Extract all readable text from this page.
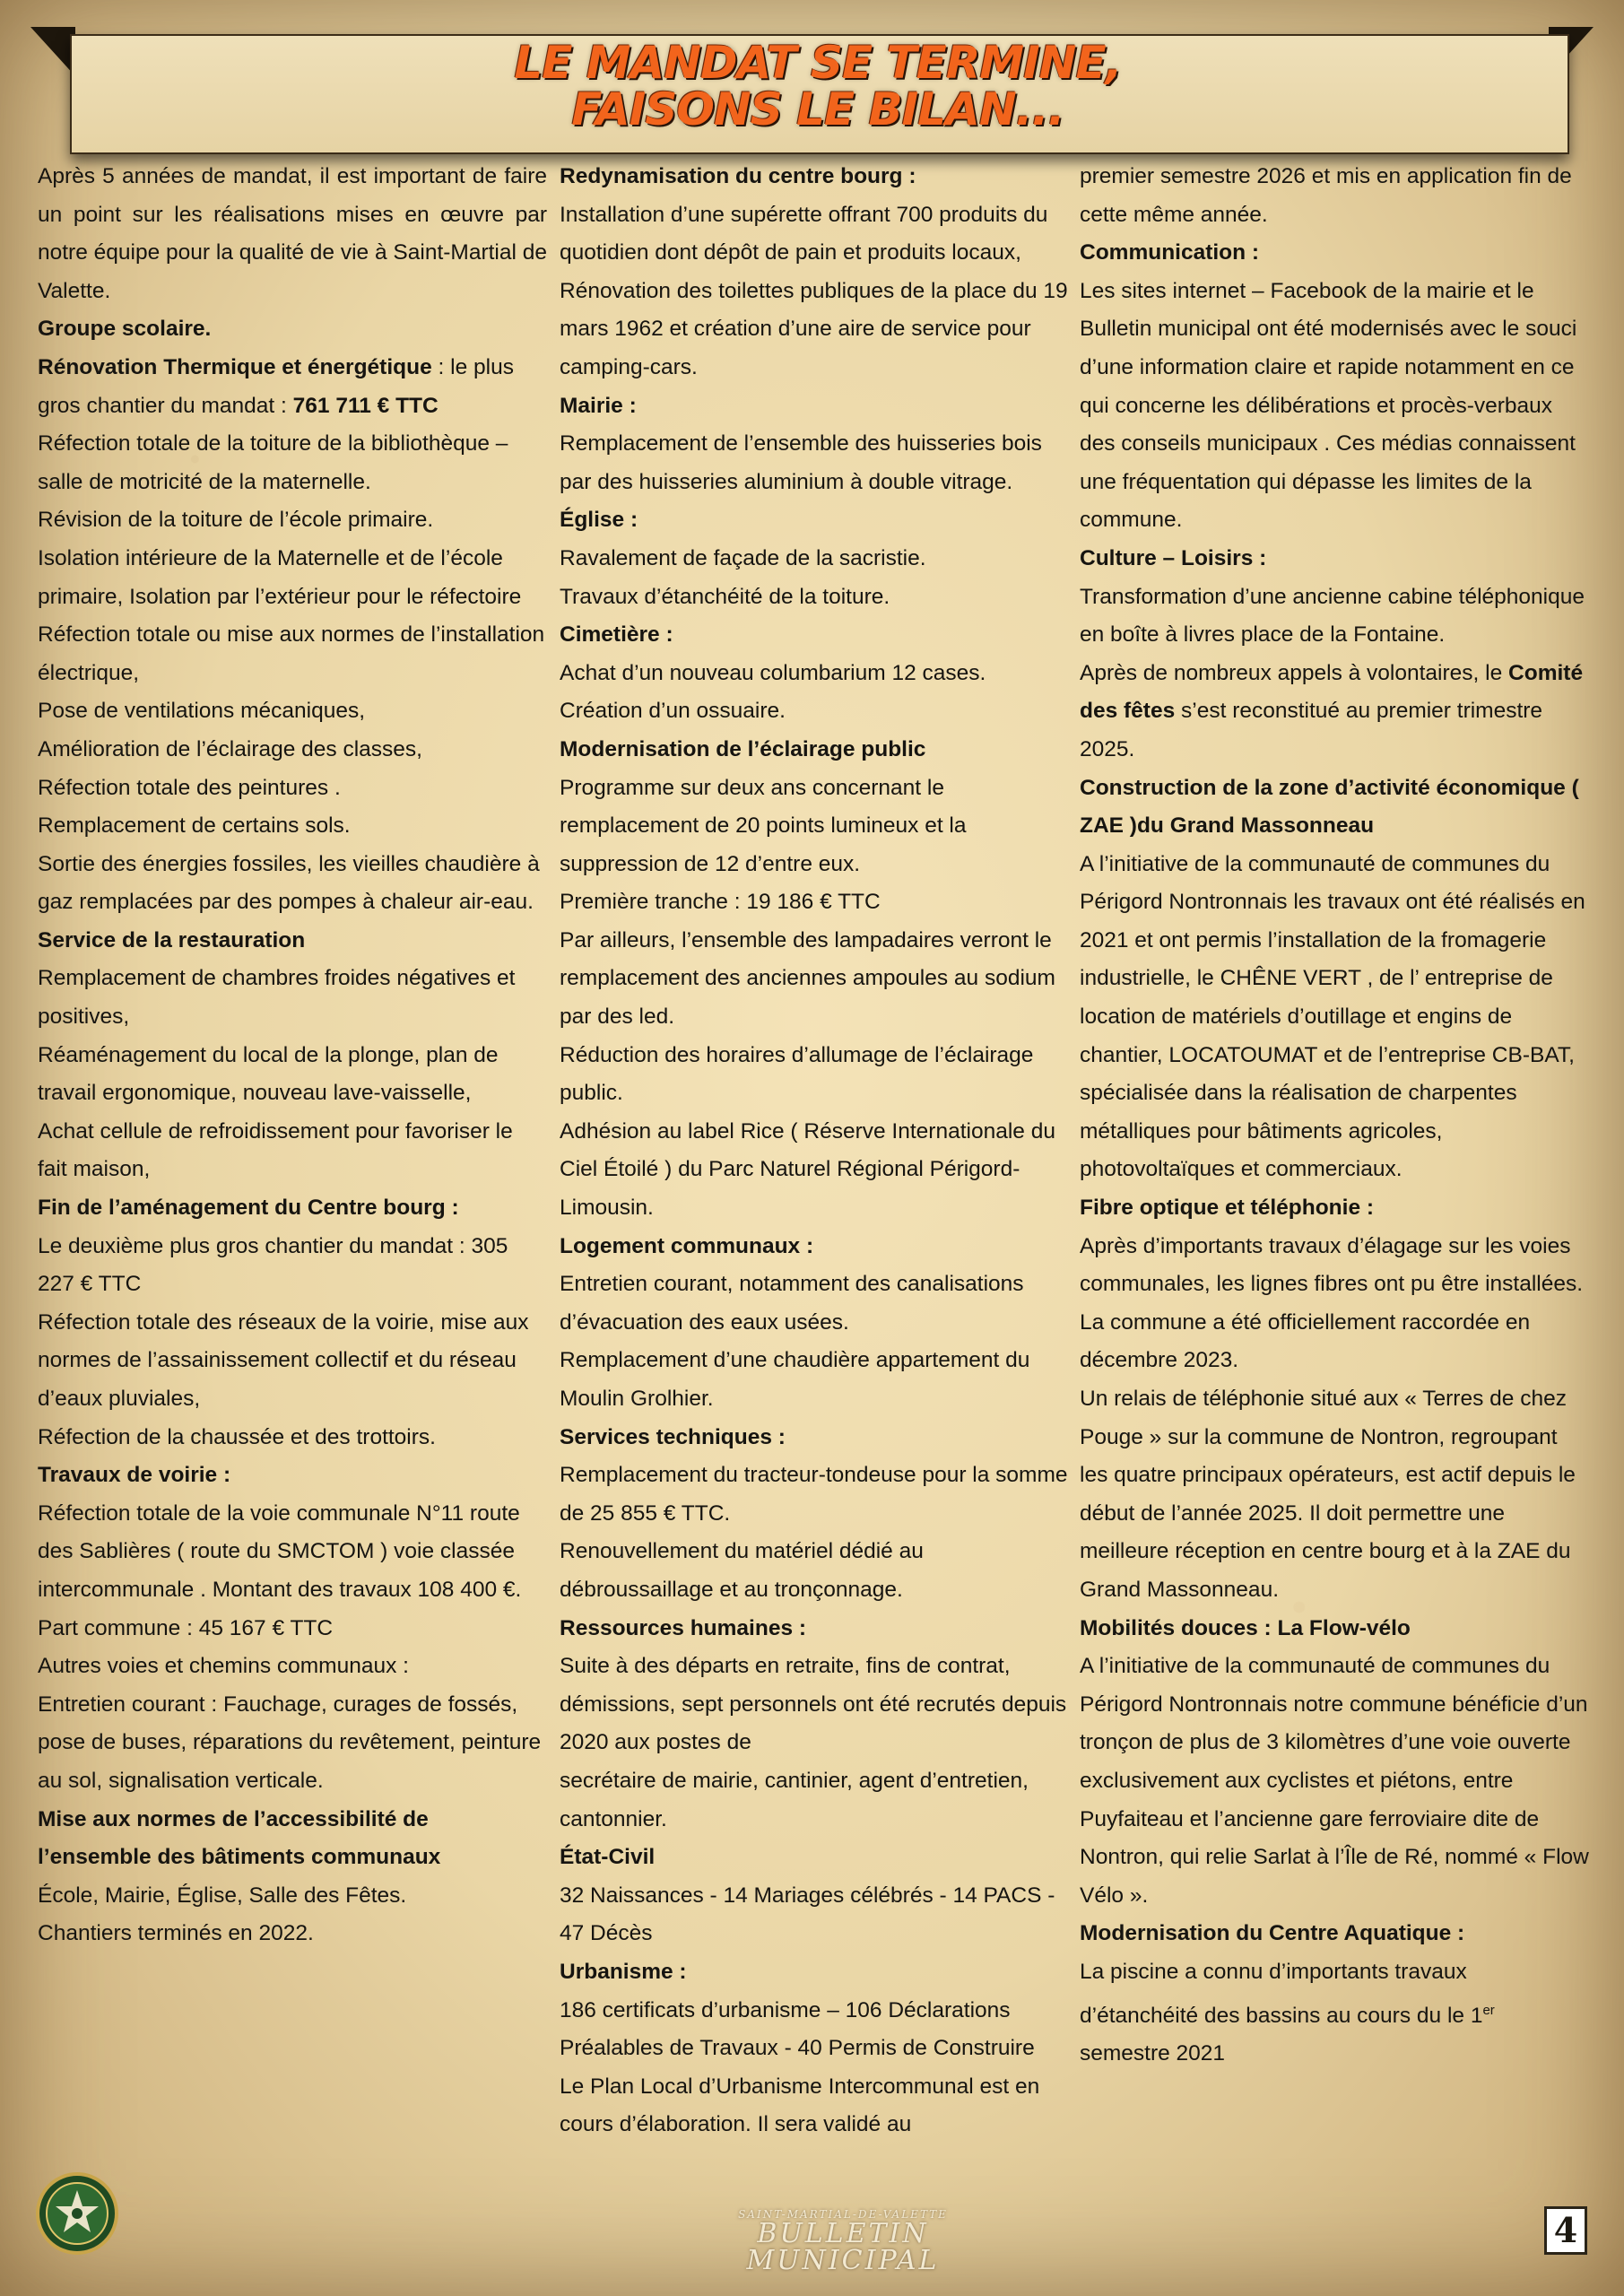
LE MANDAT SE TERMINE,
FAISONS LE BILAN...

Après 5 années de mandat, il est important de faire un point sur les réalisations mises en œuvre par notre équipe pour la qualité de vie à Saint-Martial de Valette.

Groupe scolaire.

Rénovation Thermique et énergétique : le plus gros chantier du mandat : 761 711 € TTC

Réfection totale de la toiture de la bibliothèque – salle de motricité de la maternelle.

Révision de la toiture de l’école primaire.

Isolation intérieure de la Maternelle et de l’école primaire, Isolation par l’extérieur pour le réfectoire

Réfection totale ou mise aux normes de l’installation électrique,

Pose de ventilations mécaniques,

Amélioration de l’éclairage des classes,

Réfection totale des peintures .

Remplacement de certains sols.

Sortie des énergies fossiles, les vieilles chaudière à gaz remplacées par des pompes à chaleur air-eau.

Service de la restauration

Remplacement de chambres froides négatives et positives,

Réaménagement du local de la plonge, plan de travail ergonomique, nouveau lave-vaisselle,

Achat cellule de refroidissement pour favoriser le fait maison,

Fin de l’aménagement du Centre bourg :

Le deuxième plus gros chantier du mandat : 305 227 € TTC

Réfection totale des réseaux de la voirie, mise aux normes de l’assainissement collectif et du réseau d’eaux pluviales,

Réfection de la chaussée et des trottoirs.

Travaux de voirie :

Réfection totale de la voie communale N°11 route des Sablières ( route du SMCTOM ) voie classée intercommunale . Montant des travaux 108 400 €. Part commune : 45 167 € TTC

Autres voies et chemins communaux :

Entretien courant : Fauchage, curages de fossés, pose de buses, réparations du revêtement, peinture au sol, signalisation verticale.

Mise aux normes de l’accessibilité de l’ensemble des bâtiments communaux

École, Mairie, Église, Salle des Fêtes.

Chantiers terminés en 2022.

Redynamisation du centre bourg :

Installation d’une supérette offrant 700 produits du quotidien dont dépôt de pain et produits locaux,

Rénovation des toilettes publiques de la place du 19 mars 1962 et création d’une aire de service pour camping-cars.

Mairie :

Remplacement de l’ensemble des huisseries bois par des huisseries aluminium à double vitrage.

Église :

Ravalement de façade de la sacristie.

Travaux d’étanchéité de la toiture.

Cimetière :

Achat d’un nouveau columbarium 12 cases.

Création d’un ossuaire.

Modernisation de l’éclairage public

Programme sur deux ans concernant le remplacement de 20 points lumineux et la suppression de 12 d’entre eux.

Première tranche : 19 186 € TTC

Par ailleurs, l’ensemble des lampadaires verront le remplacement des anciennes ampoules au sodium par des led.

Réduction des horaires d’allumage de l’éclairage public.

Adhésion au label Rice ( Réserve Internationale du Ciel Étoilé ) du Parc Naturel Régional Périgord-Limousin.

Logement communaux :

Entretien courant, notamment des canalisations d’évacuation des eaux usées.

Remplacement d’une chaudière appartement du Moulin Grolhier.

Services techniques :

Remplacement du tracteur-tondeuse pour la somme de 25 855 € TTC.

Renouvellement du matériel dédié au débroussaillage et au tronçonnage.

Ressources humaines :

Suite à des départs en retraite, fins de contrat, démissions, sept personnels ont été recrutés depuis 2020 aux postes de

secrétaire de mairie, cantinier, agent d’entretien, cantonnier.

État-Civil

32 Naissances - 14 Mariages célébrés - 14 PACS - 47 Décès

Urbanisme :

186 certificats d’urbanisme – 106 Déclarations Préalables de Travaux - 40 Permis de Construire

Le Plan Local d’Urbanisme Intercommunal est en cours d’élaboration. Il sera validé au

premier semestre 2026 et mis en application fin de cette même année.

Communication :

Les sites internet – Facebook de la mairie et le Bulletin municipal ont été modernisés avec le souci d’une information claire et rapide notamment en ce qui concerne les délibérations et procès-verbaux des conseils municipaux . Ces médias connaissent une fréquentation qui dépasse les limites de la commune.

Culture – Loisirs :

Transformation d’une ancienne cabine téléphonique en boîte à livres place de la Fontaine.

Après de nombreux appels à volontaires, le Comité des fêtes s’est reconstitué au premier trimestre 2025.

Construction de la zone d’activité économique ( ZAE )du Grand Massonneau

A l’initiative de la communauté de communes du Périgord Nontronnais les travaux ont été réalisés en 2021 et ont permis l’installation de la fromagerie industrielle, le CHÊNE VERT , de l’ entreprise de location de matériels d’outillage et engins de chantier, LOCATOUMAT et de l’entreprise CB-BAT, spécialisée dans la réalisation de charpentes métalliques pour bâtiments agricoles, photovoltaïques et commerciaux.

Fibre optique et téléphonie :

Après d’importants travaux d’élagage sur les voies communales, les lignes fibres ont pu être installées. La commune a été officiellement raccordée en décembre 2023.

Un relais de téléphonie situé aux « Terres de chez Pouge » sur la commune de Nontron, regroupant les quatre principaux opérateurs, est actif depuis le début de l’année 2025. Il doit permettre une meilleure réception en centre bourg et à la ZAE du Grand Massonneau.

Mobilités douces : La Flow-vélo

A l’initiative de la communauté de communes du Périgord Nontronnais notre commune bénéficie d’un tronçon de plus de 3 kilomètres d’une voie ouverte exclusivement aux cyclistes et piétons, entre Puyfaiteau et l’ancienne gare ferroviaire dite de Nontron, qui relie Sarlat à l’Île de Ré, nommé « Flow Vélo ».

Modernisation du Centre Aquatique :

La piscine a connu d’importants travaux d’étanchéité des bassins au cours du le 1er semestre 2021

SAINT-MARTIAL-DE-VALETTE
BULLETIN MUNICIPAL
4
